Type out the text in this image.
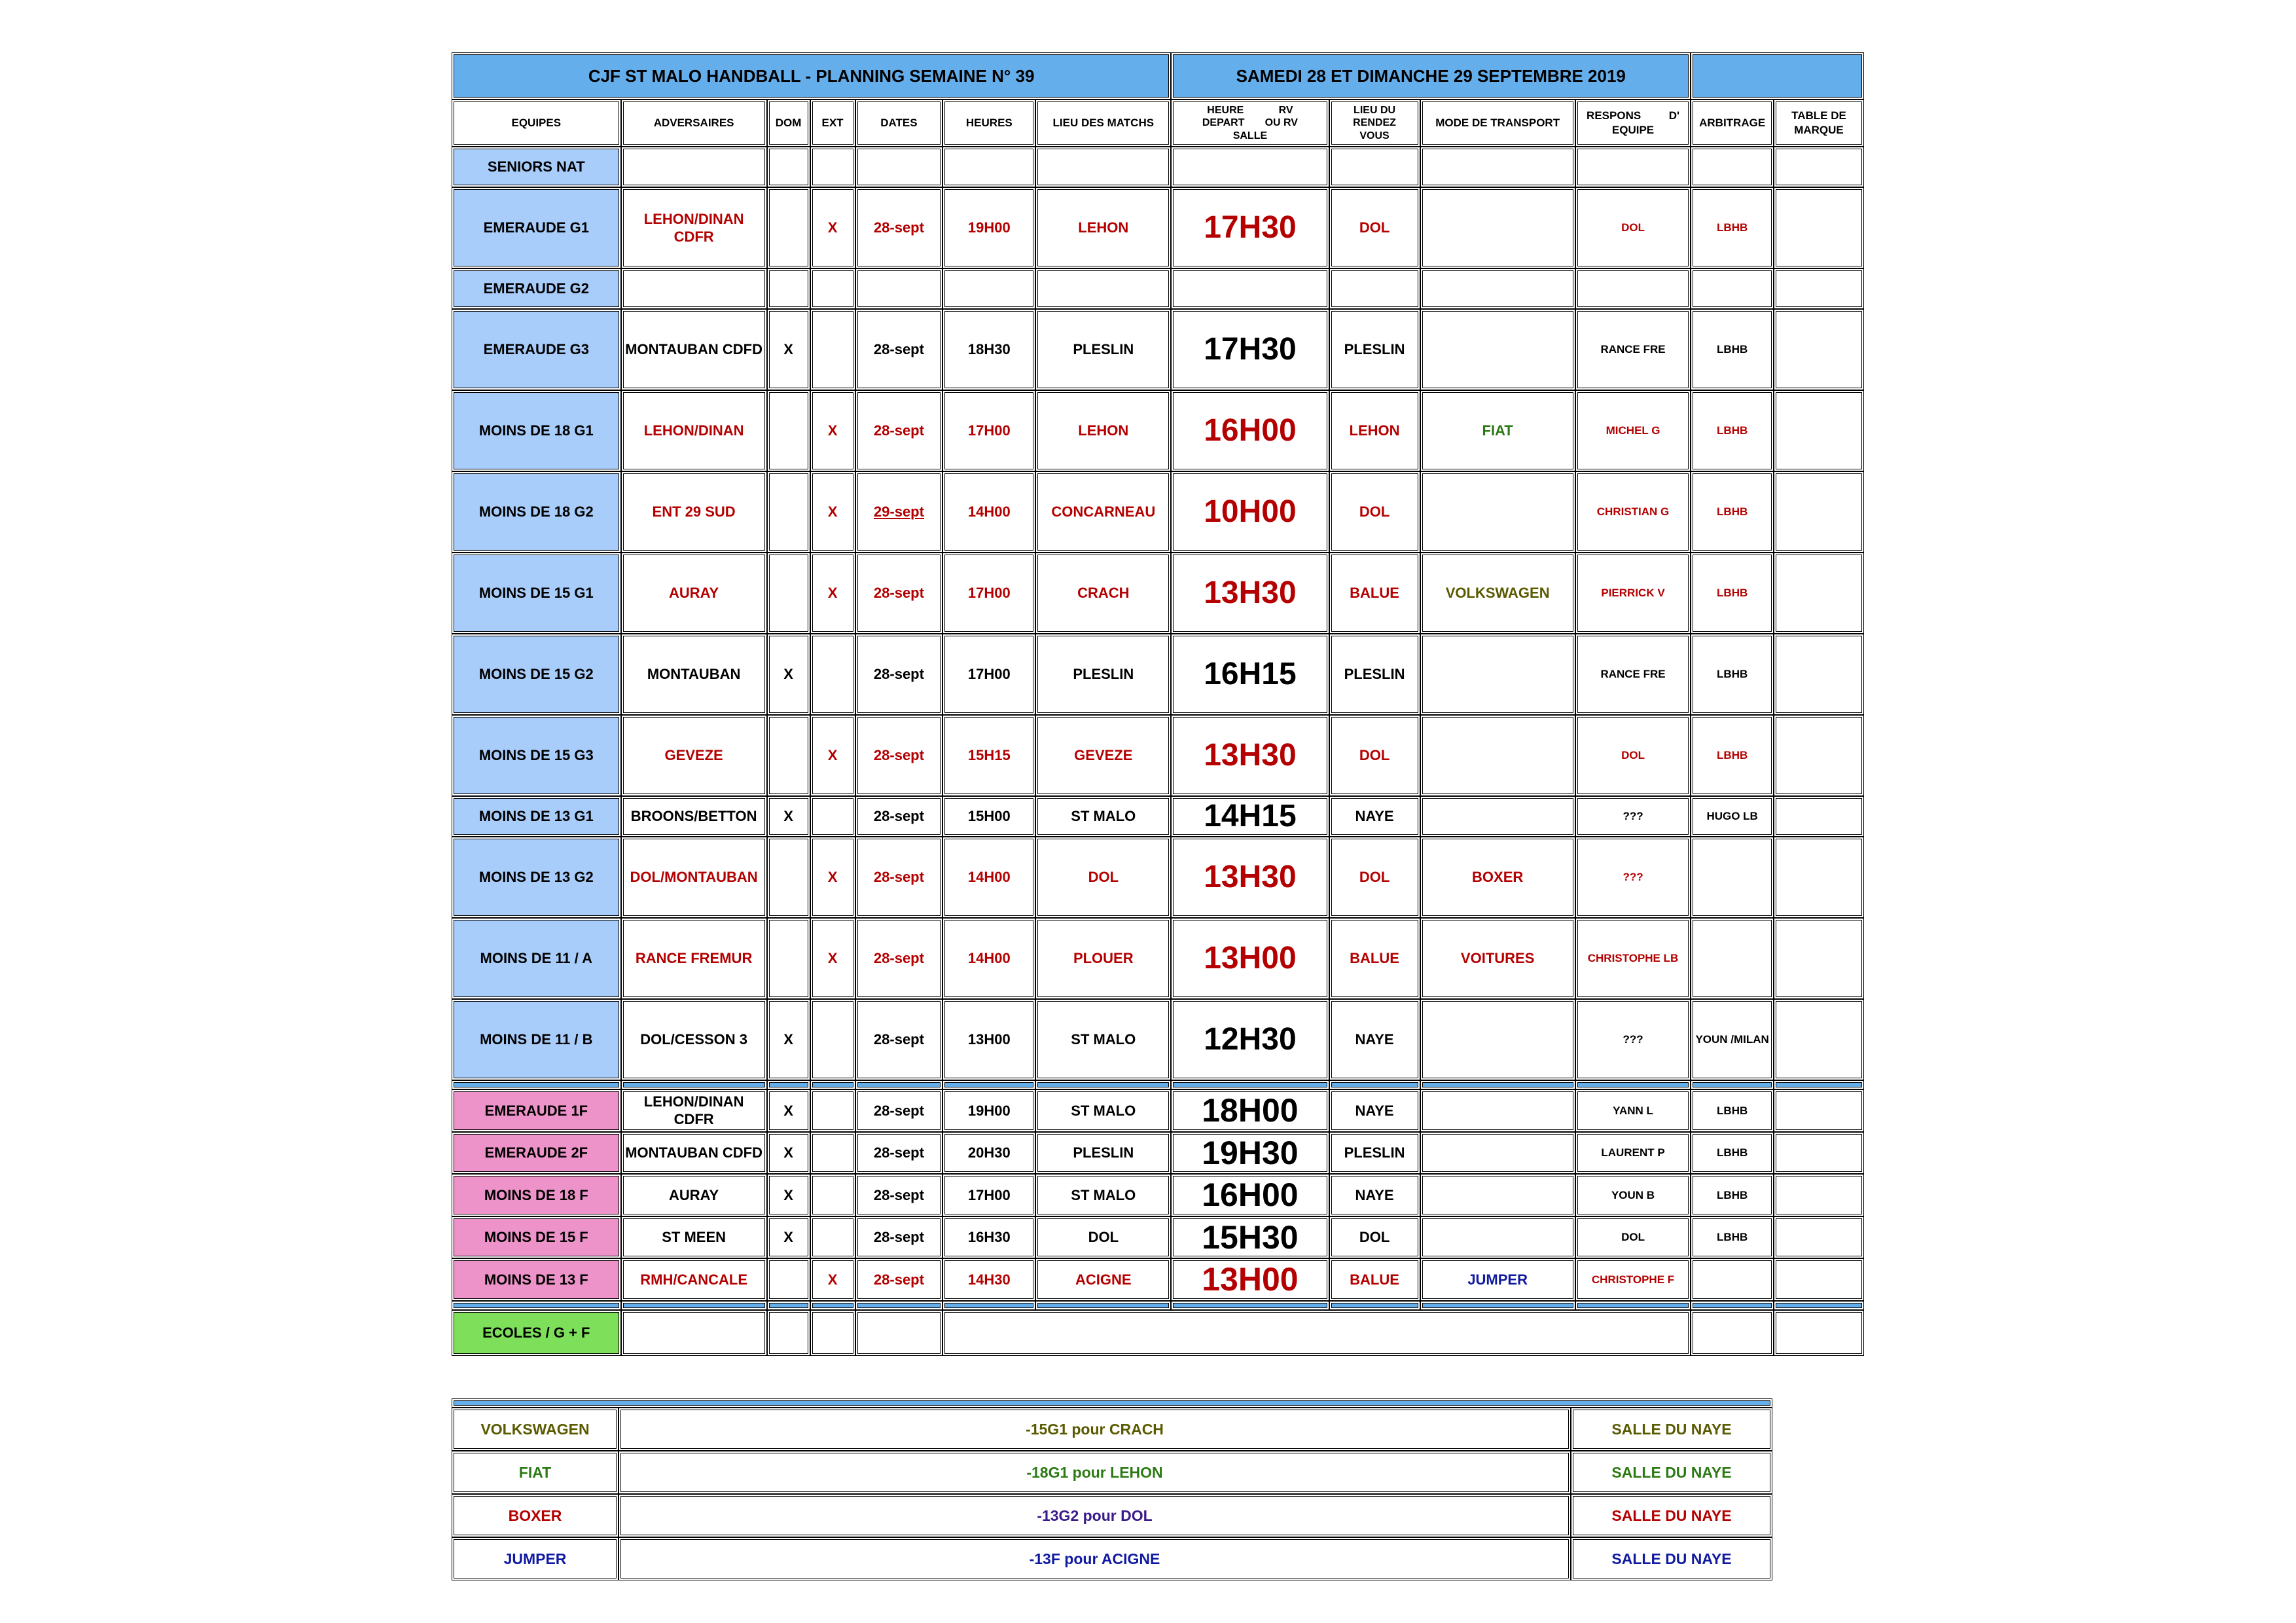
CJF ST MALO HANDBALL - PLANNING SEMAINE N° 39							SAMEDI 28 ET DIMANCHE 29 SEPTEMBRE 2019					
EQUIPES	ADVERSAIRES	DOM	EXT	DATES	HEURES	LIEU DES MATCHS	HEURE            RV
DEPART       OU RV
SALLE	LIEU DU
RENDEZ
VOUS	MODE DE TRANSPORT	RESPONS         D'
EQUIPE	ARBITRAGE	TABLE DE
MARQUE
SENIORS NAT												
EMERAUDE G1	LEHON/DINAN CDFR		X	28-sept	19H00	LEHON	17H30	DOL		DOL	LBHB	
EMERAUDE G2												
EMERAUDE G3	MONTAUBAN CDFD	X		28-sept	18H30	PLESLIN	17H30	PLESLIN		RANCE FRE	LBHB	
MOINS DE 18 G1	LEHON/DINAN		X	28-sept	17H00	LEHON	16H00	LEHON	FIAT	MICHEL G	LBHB	
MOINS DE 18 G2	ENT 29 SUD		X	29-sept	14H00	CONCARNEAU	10H00	DOL		CHRISTIAN G	LBHB	
MOINS DE 15 G1	AURAY		X	28-sept	17H00	CRACH	13H30	BALUE	VOLKSWAGEN	PIERRICK V	LBHB	
MOINS DE 15 G2	MONTAUBAN	X		28-sept	17H00	PLESLIN	16H15	PLESLIN		RANCE FRE	LBHB	
MOINS DE 15 G3	GEVEZE		X	28-sept	15H15	GEVEZE	13H30	DOL		DOL	LBHB	
MOINS DE 13 G1	BROONS/BETTON	X		28-sept	15H00	ST MALO	14H15	NAYE		???	HUGO LB	
MOINS DE 13 G2	DOL/MONTAUBAN		X	28-sept	14H00	DOL	13H30	DOL	BOXER	???		
MOINS DE 11 / A	RANCE FREMUR		X	28-sept	14H00	PLOUER	13H00	BALUE	VOITURES	CHRISTOPHE LB		
MOINS DE 11 / B	DOL/CESSON 3	X		28-sept	13H00	ST MALO	12H30	NAYE		???	YOUN /MILAN	

EMERAUDE 1F	LEHON/DINAN CDFR	X		28-sept	19H00	ST MALO	18H00	NAYE		YANN L	LBHB	
EMERAUDE 2F	MONTAUBAN CDFD	X		28-sept	20H30	PLESLIN	19H30	PLESLIN		LAURENT P	LBHB	
MOINS DE 18 F	AURAY	X		28-sept	17H00	ST MALO	16H00	NAYE		YOUN B	LBHB	
MOINS DE 15 F	ST MEEN	X		28-sept	16H30	DOL	15H30	DOL		DOL	LBHB	
MOINS DE 13 F	RMH/CANCALE		X	28-sept	14H30	ACIGNE	13H00	BALUE	JUMPER	CHRISTOPHE F		

ECOLES / G + F												

VOLKSWAGEN	-15G1 pour CRACH	SALLE DU NAYE
FIAT	-18G1 pour LEHON	SALLE DU NAYE
BOXER	-13G2 pour DOL	SALLE DU NAYE
JUMPER	-13F pour ACIGNE	SALLE DU NAYE
